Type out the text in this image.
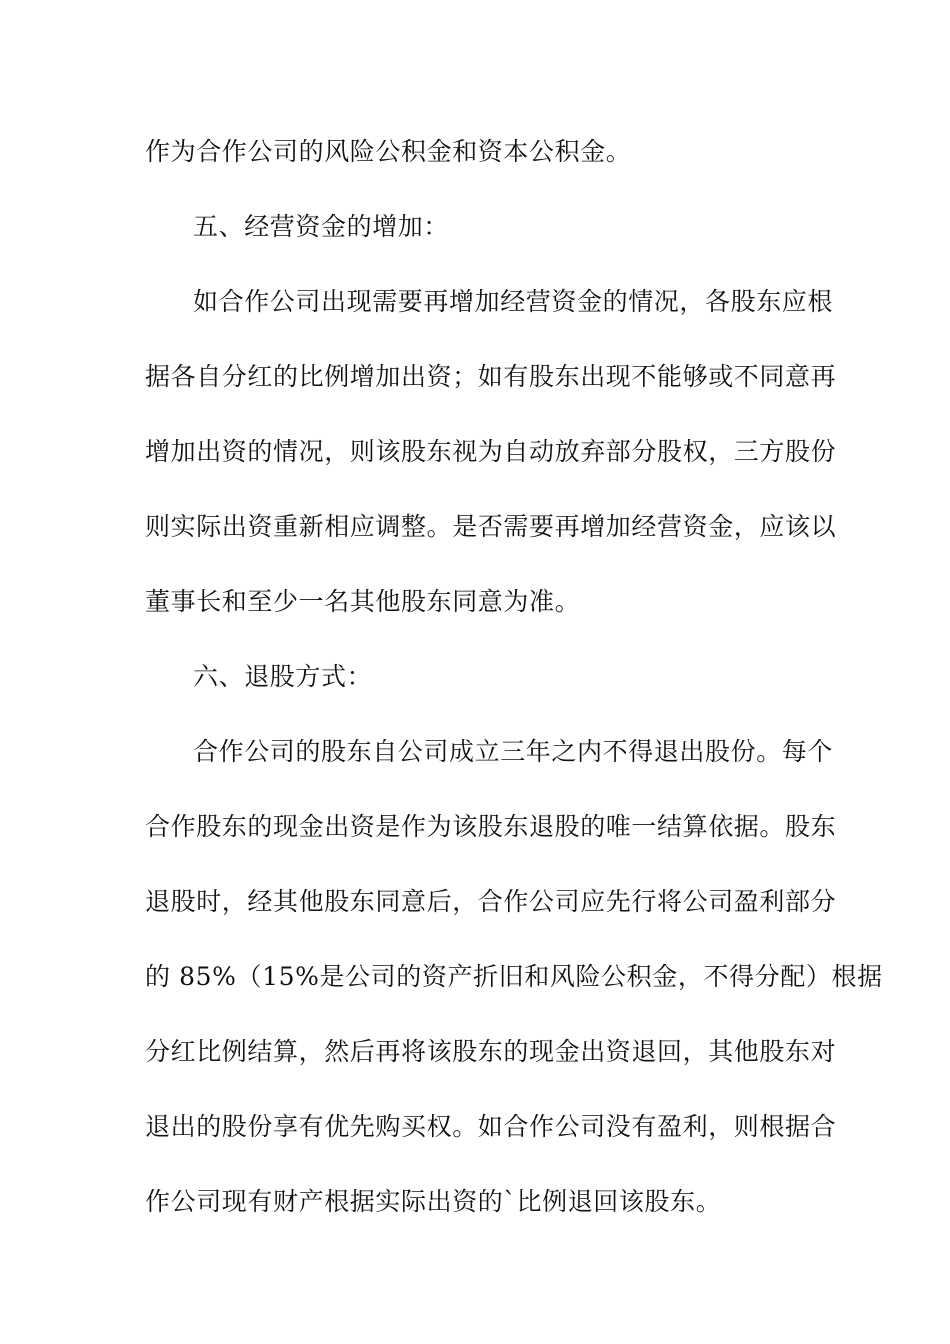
作为合作公司的风险公积金和资本公积金。
五、经营资金的增加：
如合作公司出现需要再增加经营资金的情况，各股东应根
据各自分红的比例增加出资；如有股东出现不能够或不同意再
增加出资的情况，则该股东视为自动放弃部分股权，三方股份
则实际出资重新相应调整。是否需要再增加经营资金，应该以
董事长和至少一名其他股东同意为准。
六、退股方式：
合作公司的股东自公司成立三年之内不得退出股份。每个
合作股东的现金出资是作为该股东退股的唯一结算依据。股东
退股时，经其他股东同意后，合作公司应先行将公司盈利部分
的 85%（15%是公司的资产折旧和风险公积金，不得分配）根据
分红比例结算，然后再将该股东的现金出资退回，其他股东对
退出的股份享有优先购买权。如合作公司没有盈利，则根据合
作公司现有财产根据实际出资的`比例退回该股东。
